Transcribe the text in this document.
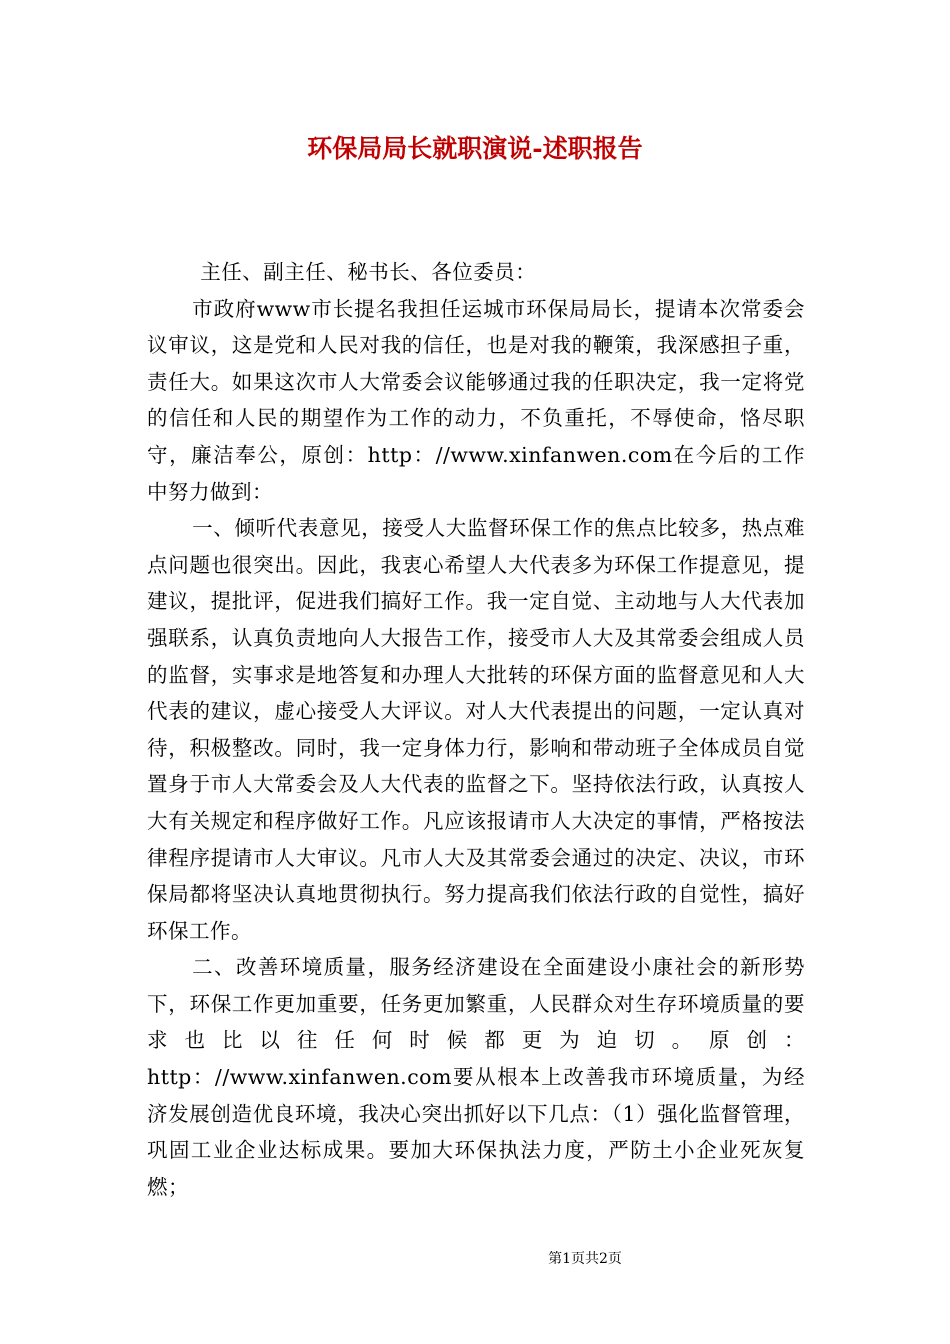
环保局局长就职演说-述职报告

主任、副主任、秘书长、各位委员：

市政府www市长提名我担任运城市环保局局长，提请本次常委会议审议，这是党和人民对我的信任，也是对我的鞭策，我深感担子重，责任大。如果这次市人大常委会议能够通过我的任职决定，我一定将党的信任和人民的期望作为工作的动力，不负重托，不辱使命，恪尽职守，廉洁奉公，原创：http：//www.xinfanwen.com在今后的工作中努力做到：

一、倾听代表意见，接受人大监督环保工作的焦点比较多，热点难点问题也很突出。因此，我衷心希望人大代表多为环保工作提意见，提建议，提批评，促进我们搞好工作。我一定自觉、主动地与人大代表加强联系，认真负责地向人大报告工作，接受市人大及其常委会组成人员的监督，实事求是地答复和办理人大批转的环保方面的监督意见和人大代表的建议，虚心接受人大评议。对人大代表提出的问题，一定认真对待，积极整改。同时，我一定身体力行，影响和带动班子全体成员自觉置身于市人大常委会及人大代表的监督之下。坚持依法行政，认真按人大有关规定和程序做好工作。凡应该报请市人大决定的事情，严格按法律程序提请市人大审议。凡市人大及其常委会通过的决定、决议，市环保局都将坚决认真地贯彻执行。努力提高我们依法行政的自觉性，搞好环保工作。

二、改善环境质量，服务经济建设在全面建设小康社会的新形势下，环保工作更加重要，任务更加繁重，人民群众对生存环境质量的要求也比以往任何时候都更为迫切。原创：http：//www.xinfanwen.com要从根本上改善我市环境质量，为经济发展创造优良环境，我决心突出抓好以下几点：（1）强化监督管理，巩固工业企业达标成果。要加大环保执法力度，严防土小企业死灰复燃；

第1页共2页
